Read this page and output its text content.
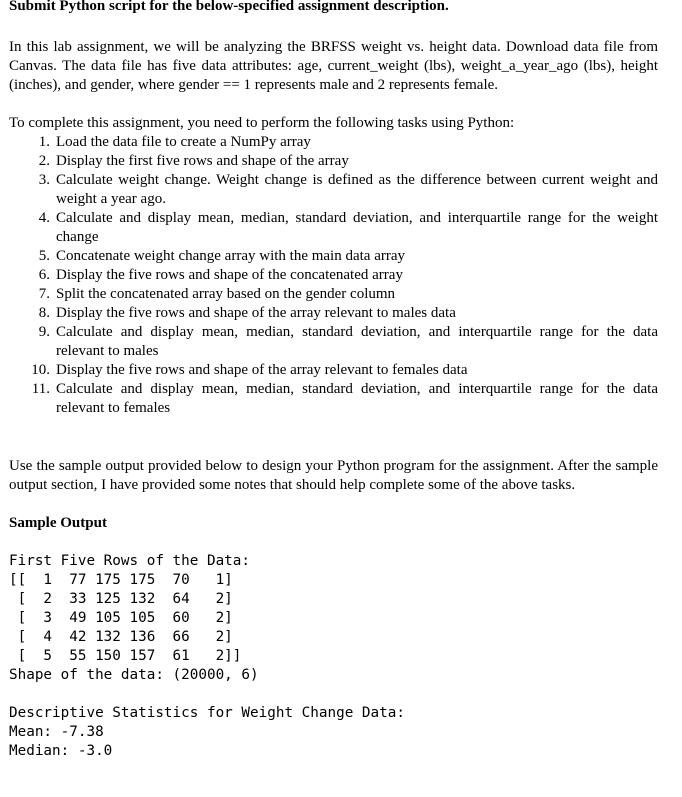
Submit Python script for the below-specified assignment description.

In this lab assignment, we will be analyzing the BRFSS weight vs. height data. Download data file from Canvas. The data file has five data attributes: age, current_weight (lbs), weight_a_year_ago (lbs), height (inches), and gender, where gender == 1 represents male and 2 represents female.

To complete this assignment, you need to perform the following tasks using Python:

1. Load the data file to create a NumPy array
2. Display the first five rows and shape of the array
3. Calculate weight change. Weight change is defined as the difference between current weight and weight a year ago.
4. Calculate and display mean, median, standard deviation, and interquartile range for the weight change
5. Concatenate weight change array with the main data array
6. Display the five rows and shape of the concatenated array
7. Split the concatenated array based on the gender column
8. Display the five rows and shape of the array relevant to males data
9. Calculate and display mean, median, standard deviation, and interquartile range for the data relevant to males
10. Display the five rows and shape of the array relevant to females data
11. Calculate and display mean, median, standard deviation, and interquartile range for the data relevant to females

Use the sample output provided below to design your Python program for the assignment. After the sample output section, I have provided some notes that should help complete some of the above tasks.

Sample Output

First Five Rows of the Data:

[[  1  77 175 175  70   1]

[  2  33 125 132  64   2]

[  3  49 105 105  60   2]

[  4  42 132 136  66   2]

[  5  55 150 157  61   2]]

Shape of the data: (20000, 6)

Descriptive Statistics for Weight Change Data:

Mean: -7.38

Median: -3.0
